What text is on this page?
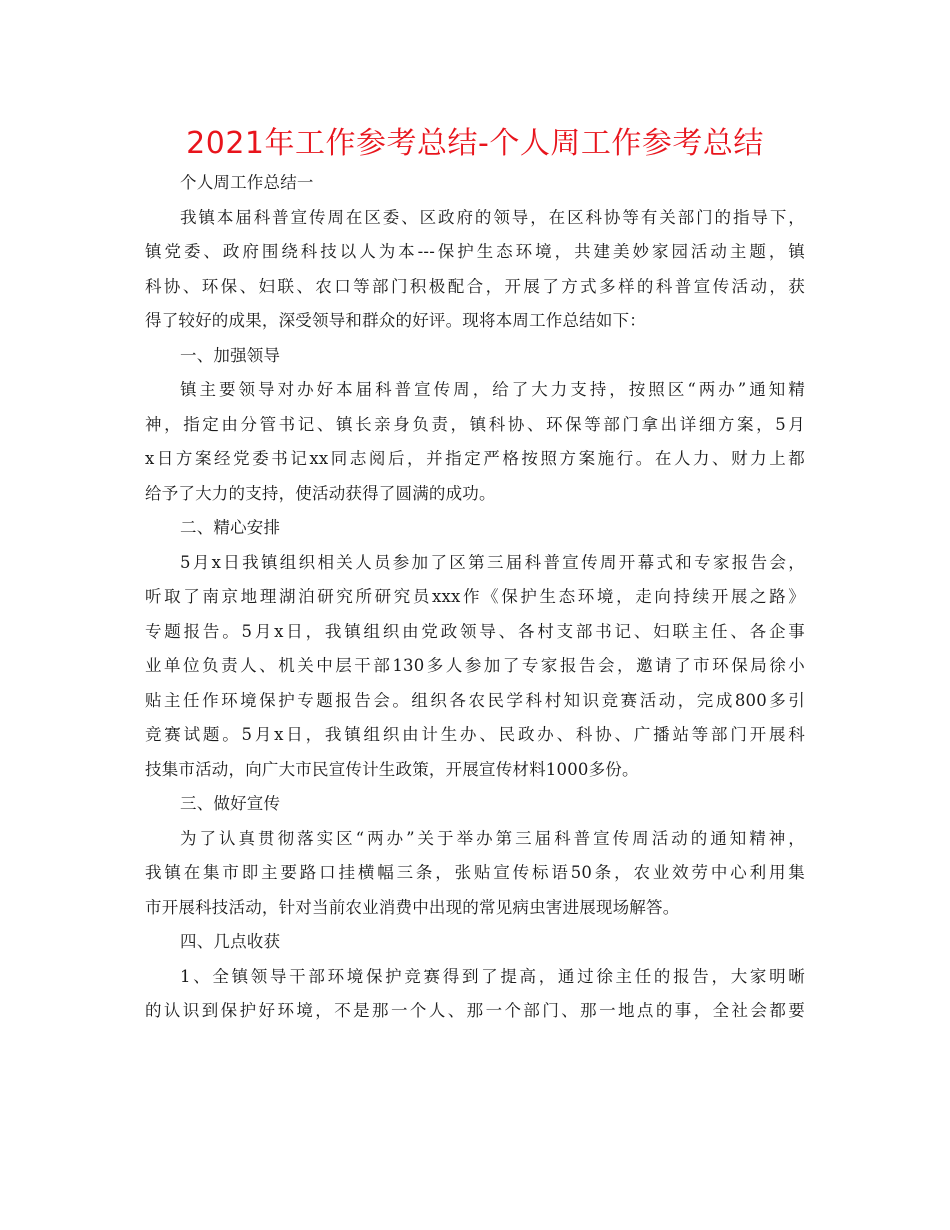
2021年工作参考总结-个人周工作参考总结
个人周工作总结一
我镇本届科普宣传周在区委、区政府的领导，在区科协等有关部门的指导下，
镇党委、政府围绕科技以人为本---保护生态环境，共建美妙家园活动主题，镇
科协、环保、妇联、农口等部门积极配合，开展了方式多样的科普宣传活动，获
得了较好的成果，深受领导和群众的好评。现将本周工作总结如下：
一、加强领导
镇主要领导对办好本届科普宣传周，给了大力支持，按照区“两办”通知精
神，指定由分管书记、镇长亲身负责，镇科协、环保等部门拿出详细方案，5月
x日方案经党委书记xx同志阅后，并指定严格按照方案施行。在人力、财力上都
给予了大力的支持，使活动获得了圆满的成功。
二、精心安排
5月x日我镇组织相关人员参加了区第三届科普宣传周开幕式和专家报告会，
听取了南京地理湖泊研究所研究员xxx作《保护生态环境，走向持续开展之路》
专题报告。5月x日，我镇组织由党政领导、各村支部书记、妇联主任、各企事
业单位负责人、机关中层干部130多人参加了专家报告会，邀请了市环保局徐小
贴主任作环境保护专题报告会。组织各农民学科村知识竞赛活动，完成800多引
竞赛试题。5月x日，我镇组织由计生办、民政办、科协、广播站等部门开展科
技集市活动，向广大市民宣传计生政策，开展宣传材料1000多份。
三、做好宣传
为了认真贯彻落实区“两办”关于举办第三届科普宣传周活动的通知精神，
我镇在集市即主要路口挂横幅三条，张贴宣传标语50条，农业效劳中心利用集
市开展科技活动，针对当前农业消费中出现的常见病虫害进展现场解答。
四、几点收获
1、全镇领导干部环境保护竞赛得到了提高，通过徐主任的报告，大家明晰
的认识到保护好环境，不是那一个人、那一个部门、那一地点的事，全社会都要
